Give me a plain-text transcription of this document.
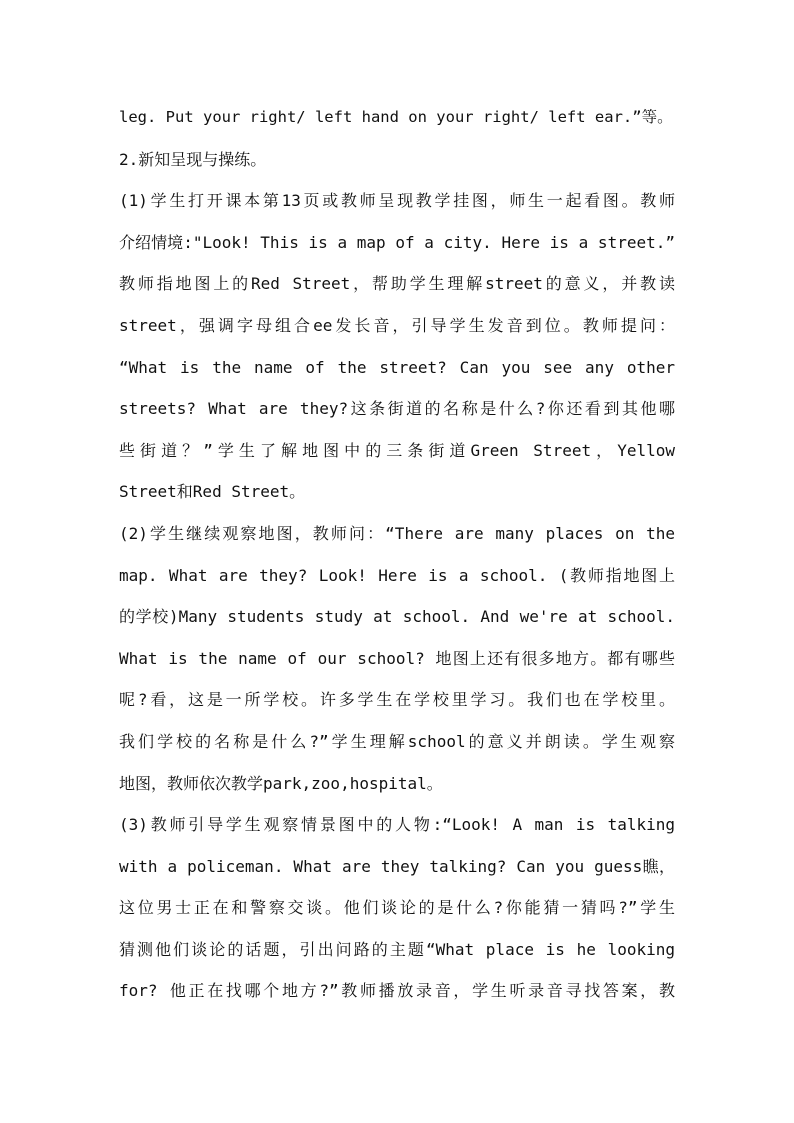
leg. Put your right/ left hand on your right/ left ear.”等。
2.新知呈现与操练。
(1)学生打开课本第13页或教师呈现教学挂图，师生一起看图。教师
介绍情境:"Look! This is a map of a city. Here is a street.”
教师指地图上的Red Street，帮助学生理解street的意义，并教读
street，强调字母组合ee发长音，引导学生发音到位。教师提问：
“What is the name of the street? Can you see any other
streets? What are they?这条街道的名称是什么?你还看到其他哪
些街道？”学生了解地图中的三条街道Green Street，Yellow
Street和Red Street。
(2)学生继续观察地图，教师问：“There are many places on the
map. What are they? Look! Here is a school. (教师指地图上
的学校)Many students study at school. And we're at school.
What is the name of our school? 地图上还有很多地方。都有哪些
呢?看，这是一所学校。许多学生在学校里学习。我们也在学校里。
我们学校的名称是什么?”学生理解school的意义并朗读。学生观察
地图，教师依次教学park,zoo,hospital。
(3)教师引导学生观察情景图中的人物:“Look! A man is talking
with a policeman. What are they talking? Can you guess瞧，
这位男士正在和警察交谈。他们谈论的是什么?你能猜一猜吗?”学生
猜测他们谈论的话题，引出问路的主题“What place is he looking
for? 他正在找哪个地方?”教师播放录音，学生听录音寻找答案，教
